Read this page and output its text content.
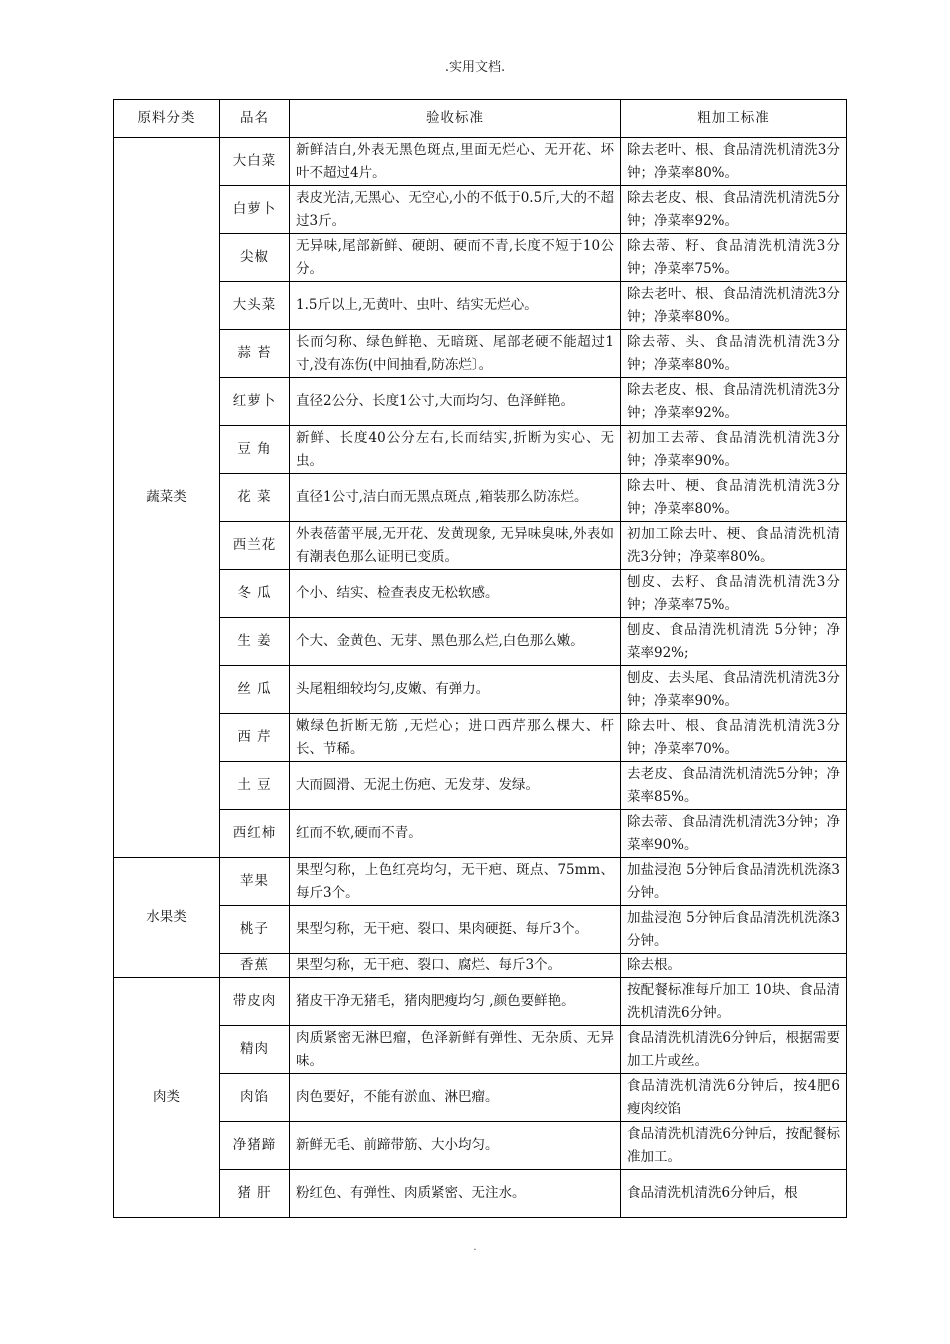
.实用文档.
原料分类	品名	验收标准	粗加工标准
蔬菜类	大白菜	新鲜洁白,外表无黑色斑点,里面无烂心、无开花、坏叶不超过4片。	除去老叶、根、食品清洗机清洗3分钟；净菜率80%。
	白萝卜	表皮光洁,无黑心、无空心,小的不低于0.5斤,大的不超过3斤。	除去老皮、根、食品清洗机清洗5分钟；净菜率92%。
	尖椒	无异味,尾部新鲜、硬朗、硬而不青,长度不短于10公分。	除去蒂、籽、食品清洗机清洗3分钟；净菜率75%。
	大头菜	1.5斤以上,无黄叶、虫叶、结实无烂心。	除去老叶、根、食品清洗机清洗3分钟；净菜率80%。
	蒜 苔	长而匀称、绿色鲜艳、无暗斑、尾部老硬不能超过1寸,没有冻伤(中间抽看,防冻烂〕。	除去蒂、头、食品清洗机清洗3分钟；净菜率80%。
	红萝卜	直径2公分、长度1公寸,大而均匀、色泽鲜艳。	除去老皮、根、食品清洗机清洗3分钟；净菜率92%。
	豆 角	新鲜、长度40公分左右,长而结实,折断为实心、无虫。	初加工去蒂、食品清洗机清洗3分钟；净菜率90%。
	花 菜	直径1公寸,洁白而无黑点斑点 ,箱装那么防冻烂。	除去叶、梗、食品清洗机清洗3分钟；净菜率80%。
	西兰花	外表蓓蕾平展,无开花、发黄现象, 无异味臭味,外表如有潮表色那么证明已变质。	初加工除去叶、梗、食品清洗机清洗3分钟；净菜率80%。
	冬 瓜	个小、结实、检查表皮无松软感。	刨皮、去籽、食品清洗机清洗3分钟；净菜率75%。
	生 姜	个大、金黄色、无芽、黑色那么烂,白色那么嫩。	刨皮、食品清洗机清洗 5分钟；净菜率92%;
	丝 瓜	头尾粗细较均匀,皮嫩、有弹力。	刨皮、去头尾、食品清洗机清洗3分钟；净菜率90%。
	西 芹	嫩绿色折断无筋 ,无烂心；进口西芹那么棵大、杆长、节稀。	除去叶、根、食品清洗机清洗3分钟；净菜率70%。
	土 豆	大而圆滑、无泥土伤疤、无发芽、发绿。	去老皮、食品清洗机清洗5分钟；净菜率85%。
	西红柿	红而不软,硬而不青。	除去蒂、食品清洗机清洗3分钟；净菜率90%。
水果类	苹果	果型匀称，上色红亮均匀，无干疤、斑点、75mm、每斤3个。	加盐浸泡 5分钟后食品清洗机洗涤3分钟。
	桃子	果型匀称，无干疤、裂口、果肉硬挺、每斤3个。	加盐浸泡 5分钟后食品清洗机洗涤3分钟。
	香蕉	果型匀称，无干疤、裂口、腐烂、每斤3个。	除去根。
肉类	带皮肉	猪皮干净无猪毛，猪肉肥瘦均匀 ,颜色要鲜艳。	按配餐标准每斤加工 10块、食品清洗机清洗6分钟。
	精肉	肉质紧密无淋巴瘤，色泽新鲜有弹性、无杂质、无异味。	食品清洗机清洗6分钟后，根据需要加工片或丝。
	肉馅	肉色要好，不能有淤血、淋巴瘤。	食品清洗机清洗6分钟后，按4肥6瘦肉绞馅
	净猪蹄	新鲜无毛、前蹄带筋、大小均匀。	食品清洗机清洗6分钟后，按配餐标准加工。
	猪 肝	粉红色、有弹性、肉质紧密、无注水。	食品清洗机清洗6分钟后，根
.
